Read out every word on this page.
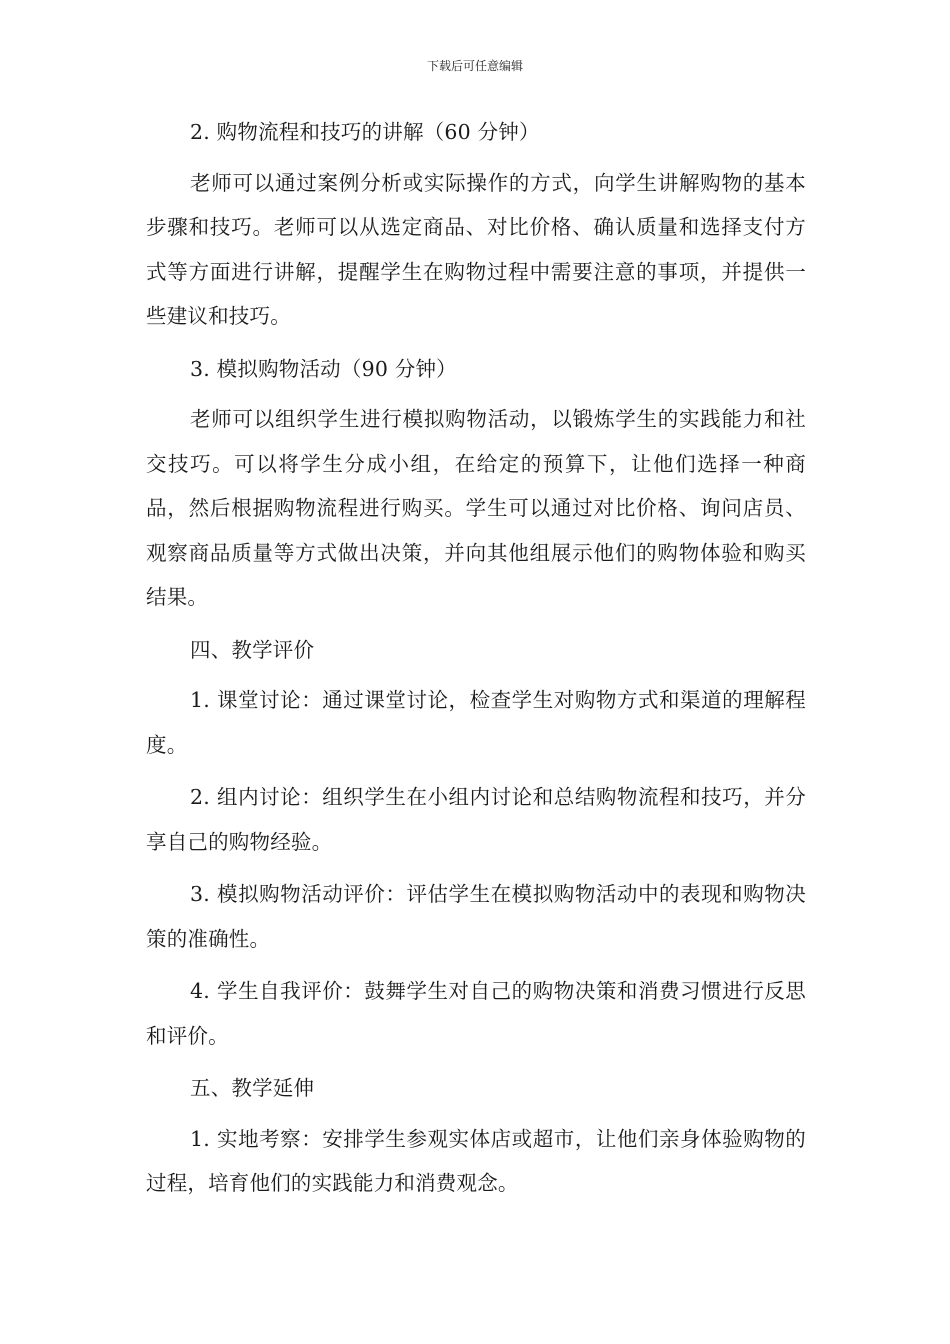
下载后可任意编辑

2. 购物流程和技巧的讲解（60 分钟）

老师可以通过案例分析或实际操作的方式，向学生讲解购物的基本步骤和技巧。老师可以从选定商品、对比价格、确认质量和选择支付方式等方面进行讲解，提醒学生在购物过程中需要注意的事项，并提供一些建议和技巧。

3. 模拟购物活动（90 分钟）

老师可以组织学生进行模拟购物活动，以锻炼学生的实践能力和社交技巧。可以将学生分成小组，在给定的预算下，让他们选择一种商品，然后根据购物流程进行购买。学生可以通过对比价格、询问店员、观察商品质量等方式做出决策，并向其他组展示他们的购物体验和购买结果。

四、教学评价

1. 课堂讨论：通过课堂讨论，检查学生对购物方式和渠道的理解程度。

2. 组内讨论：组织学生在小组内讨论和总结购物流程和技巧，并分享自己的购物经验。

3. 模拟购物活动评价：评估学生在模拟购物活动中的表现和购物决策的准确性。

4. 学生自我评价：鼓舞学生对自己的购物决策和消费习惯进行反思和评价。

五、教学延伸

1. 实地考察：安排学生参观实体店或超市，让他们亲身体验购物的过程，培育他们的实践能力和消费观念。
